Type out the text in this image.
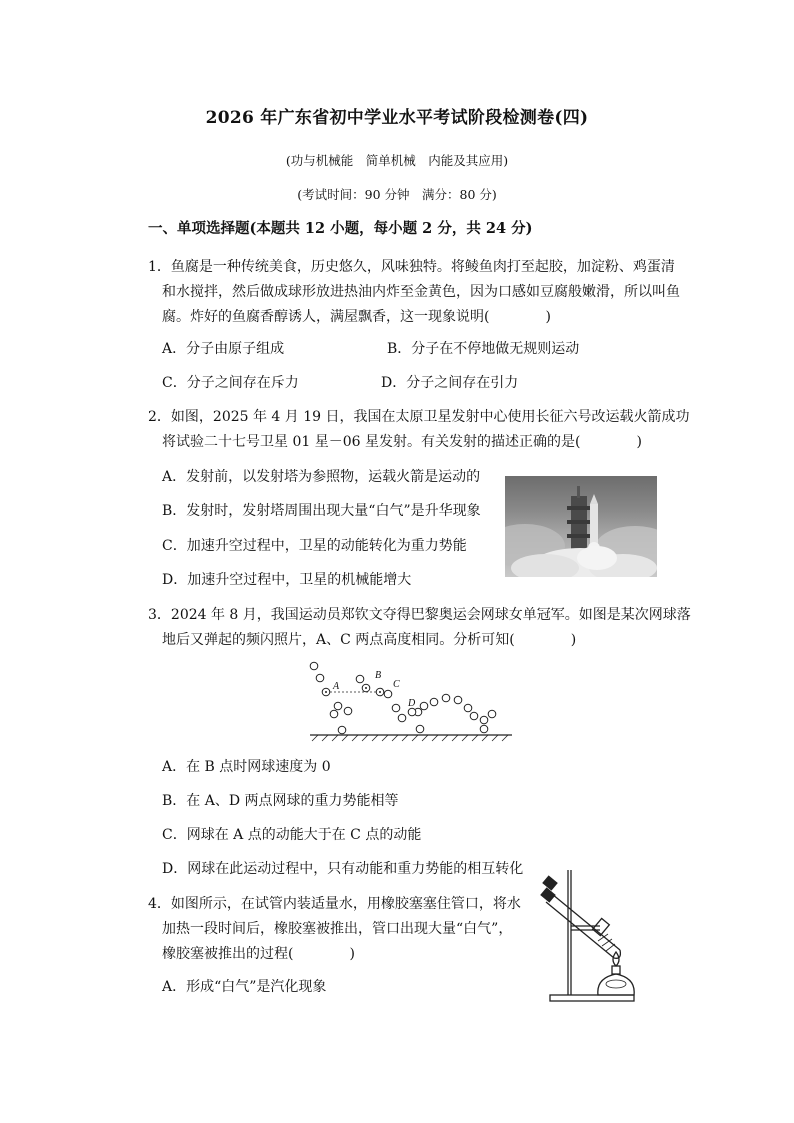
2026 年广东省初中学业水平考试阶段检测卷(四)
(功与机械能　简单机械　内能及其应用)
(考试时间：90 分钟　满分：80 分)
一、单项选择题(本题共 12 小题，每小题 2 分，共 24 分)
1．鱼腐是一种传统美食，历史悠久，风味独特。将鲮鱼肉打至起胶，加淀粉、鸡蛋清
和水搅拌，然后做成球形放进热油内炸至金黄色，因为口感如豆腐般嫩滑，所以叫鱼
腐。炸好的鱼腐香醇诱人，满屋飘香，这一现象说明(　　　　)
A．分子由原子组成	B．分子在不停地做无规则运动
C．分子之间存在斥力	D．分子之间存在引力
2．如图，2025 年 4 月 19 日，我国在太原卫星发射中心使用长征六号改运载火箭成功
将试验二十七号卫星 01 星－06 星发射。有关发射的描述正确的是(　　　　)
A．发射前，以发射塔为参照物，运载火箭是运动的
B．发射时，发射塔周围出现大量“白气”是升华现象
C．加速升空过程中，卫星的动能转化为重力势能
D．加速升空过程中，卫星的机械能增大
3．2024 年 8 月，我国运动员郑钦文夺得巴黎奥运会网球女单冠军。如图是某次网球落
地后又弹起的频闪照片，A、C 两点高度相同。分析可知(　　　　)
A
B
C
D
A．在 B 点时网球速度为 0
B．在 A、D 两点网球的重力势能相等
C．网球在 A 点的动能大于在 C 点的动能
D．网球在此运动过程中，只有动能和重力势能的相互转化
4．如图所示，在试管内装适量水，用橡胶塞塞住管口，将水
加热一段时间后，橡胶塞被推出，管口出现大量“白气”，
橡胶塞被推出的过程(　　　　)
A．形成“白气”是汽化现象
